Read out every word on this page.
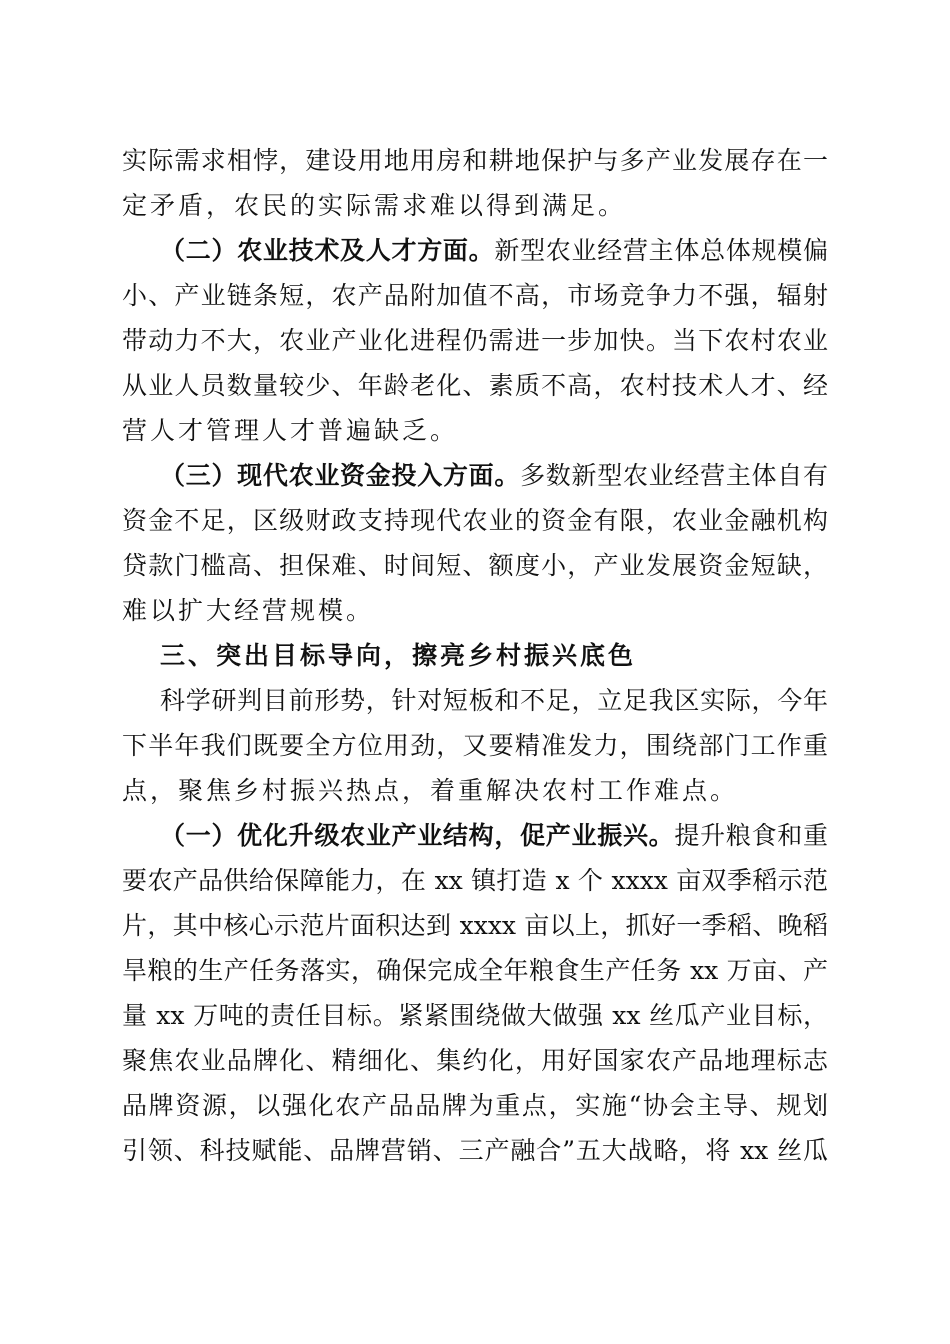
实际需求相悖，建设用地用房和耕地保护与多产业发展存在一
定矛盾，农民的实际需求难以得到满足。
（二）农业技术及人才方面。新型农业经营主体总体规模偏
小、产业链条短，农产品附加值不高，市场竞争力不强，辐射
带动力不大，农业产业化进程仍需进一步加快。当下农村农业
从业人员数量较少、年龄老化、素质不高，农村技术人才、经
营人才管理人才普遍缺乏。
（三）现代农业资金投入方面。多数新型农业经营主体自有
资金不足，区级财政支持现代农业的资金有限，农业金融机构
贷款门槛高、担保难、时间短、额度小，产业发展资金短缺，
难以扩大经营规模。
三、突出目标导向，擦亮乡村振兴底色
科学研判目前形势，针对短板和不足，立足我区实际，今年
下半年我们既要全方位用劲，又要精准发力，围绕部门工作重
点，聚焦乡村振兴热点，着重解决农村工作难点。
（一）优化升级农业产业结构，促产业振兴。提升粮食和重
要农产品供给保障能力，在 xx 镇打造 x 个 xxxx 亩双季稻示范
片，其中核心示范片面积达到 xxxx 亩以上，抓好一季稻、晚稻
旱粮的生产任务落实，确保完成全年粮食生产任务 xx 万亩、产
量 xx 万吨的责任目标。紧紧围绕做大做强 xx 丝瓜产业目标，
聚焦农业品牌化、精细化、集约化，用好国家农产品地理标志
品牌资源，以强化农产品品牌为重点，实施“协会主导、规划
引领、科技赋能、品牌营销、三产融合”五大战略，将 xx 丝瓜
